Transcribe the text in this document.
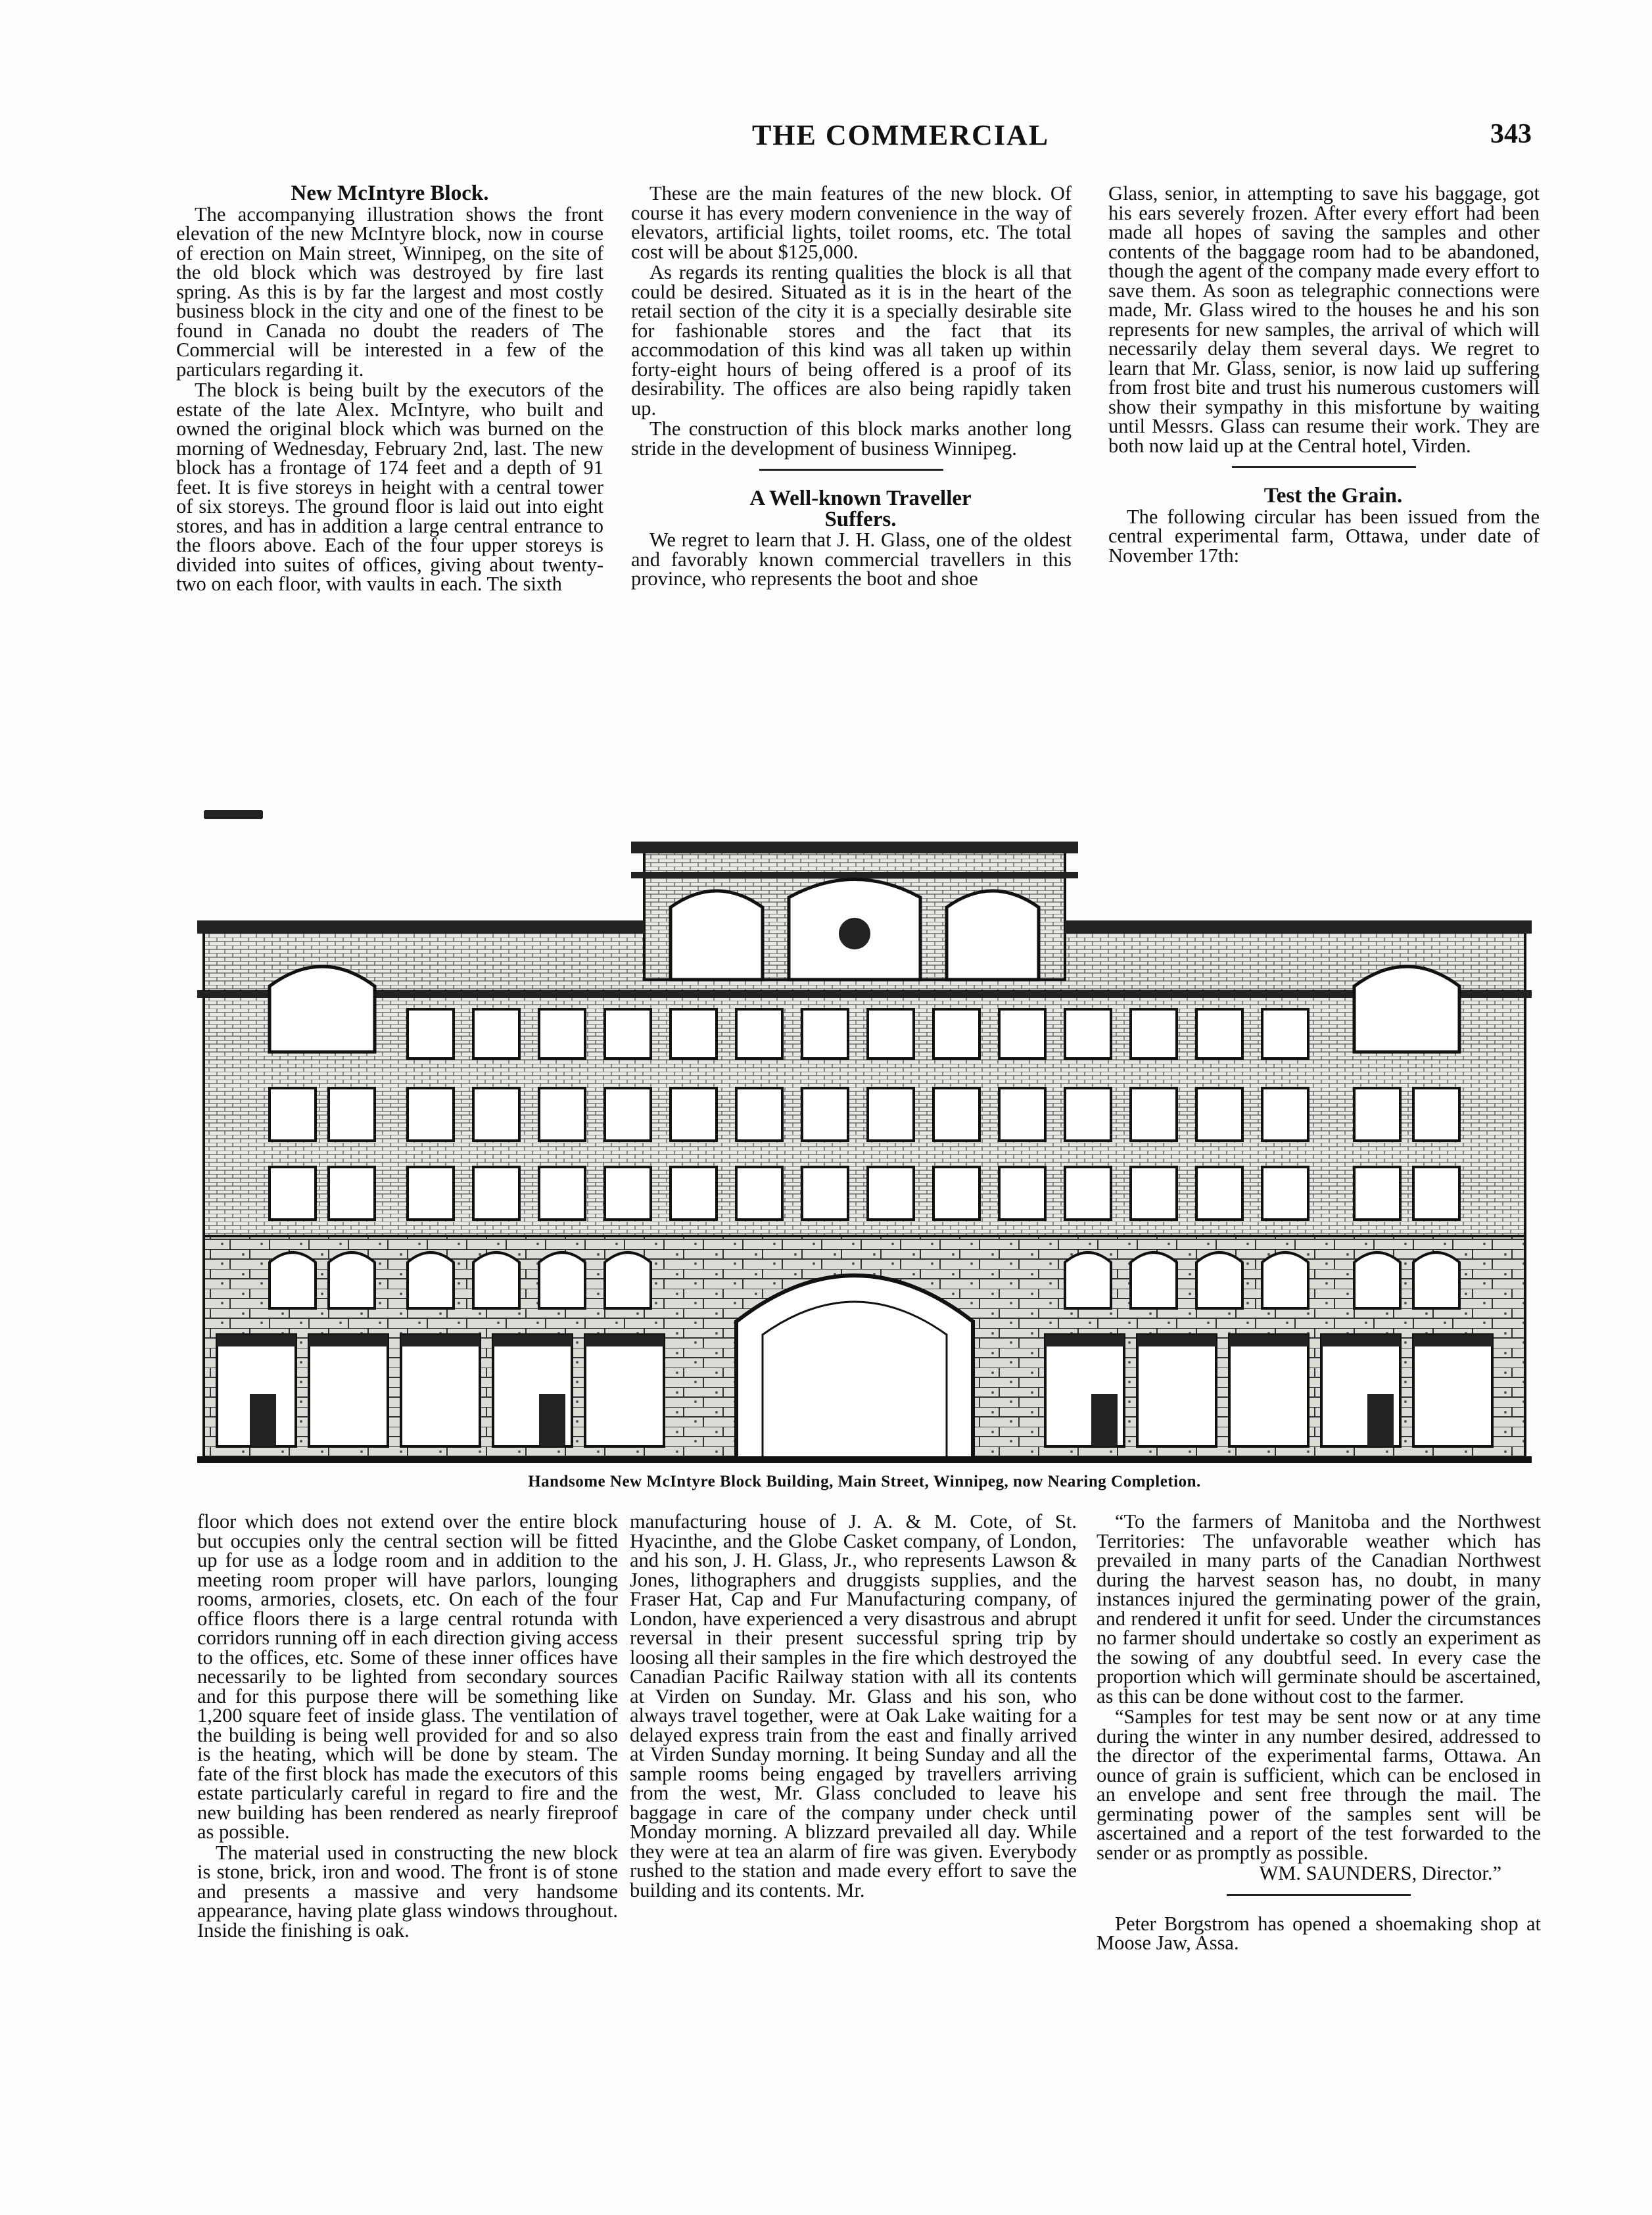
THE COMMERCIAL	343

New McIntyre Block.

The accompanying illustration shows the front elevation of the new McIntyre block, now in course of erection on Main street, Winnipeg, on the site of the old block which was destroyed by fire last spring. As this is by far the largest and most costly business block in the city and one of the finest to be found in Canada no doubt the readers of The Commercial will be interested in a few of the particulars regarding it.

The block is being built by the executors of the estate of the late Alex. McIntyre, who built and owned the original block which was burned on the morning of Wednesday, February 2nd, last. The new block has a frontage of 174 feet and a depth of 91 feet. It is five storeys in height with a central tower of six storeys. The ground floor is laid out into eight stores, and has in addition a large central entrance to the floors above. Each of the four upper storeys is divided into suites of offices, giving about twenty-two on each floor, with vaults in each. The sixth

These are the main features of the new block. Of course it has every modern convenience in the way of elevators, artificial lights, toilet rooms, etc. The total cost will be about $125,000.

As regards its renting qualities the block is all that could be desired. Situated as it is in the heart of the retail section of the city it is a specially desirable site for fashionable stores and the fact that its accommodation of this kind was all taken up within forty-eight hours of being offered is a proof of its desirability. The offices are also being rapidly taken up.

The construction of this block marks another long stride in the development of business Winnipeg.

A Well-known Traveller

Suffers.

We regret to learn that J. H. Glass, one of the oldest and favorably known commercial travellers in this province, who represents the boot and shoe

Glass, senior, in attempting to save his baggage, got his ears severely frozen. After every effort had been made all hopes of saving the samples and other contents of the baggage room had to be abandoned, though the agent of the company made every effort to save them. As soon as telegraphic connections were made, Mr. Glass wired to the houses he and his son represents for new samples, the arrival of which will necessarily delay them several days. We regret to learn that Mr. Glass, senior, is now laid up suffering from frost bite and trust his numerous customers will show their sympathy in this misfortune by waiting until Messrs. Glass can resume their work. They are both now laid up at the Central hotel, Virden.

Test the Grain.

The following circular has been issued from the central experimental farm, Ottawa, under date of November 17th:

Handsome New McIntyre Block Building, Main Street, Winnipeg, now Nearing Completion.

floor which does not extend over the entire block but occupies only the central section will be fitted up for use as a lodge room and in addition to the meeting room proper will have parlors, lounging rooms, armories, closets, etc. On each of the four office floors there is a large central rotunda with corridors running off in each direction giving access to the offices, etc. Some of these inner offices have necessarily to be lighted from secondary sources and for this purpose there will be something like 1,200 square feet of inside glass. The ventilation of the building is being well provided for and so also is the heating, which will be done by steam. The fate of the first block has made the executors of this estate particularly careful in regard to fire and the new building has been rendered as nearly fireproof as possible.

The material used in constructing the new block is stone, brick, iron and wood. The front is of stone and presents a massive and very handsome appearance, having plate glass windows throughout. Inside the finishing is oak.

manufacturing house of J. A. & M. Cote, of St. Hyacinthe, and the Globe Casket company, of London, and his son, J. H. Glass, Jr., who represents Lawson & Jones, lithographers and druggists supplies, and the Fraser Hat, Cap and Fur Manufacturing company, of London, have experienced a very disastrous and abrupt reversal in their present successful spring trip by loosing all their samples in the fire which destroyed the Canadian Pacific Railway station with all its contents at Virden on Sunday. Mr. Glass and his son, who always travel together, were at Oak Lake waiting for a delayed express train from the east and finally arrived at Virden Sunday morning. It being Sunday and all the sample rooms being engaged by travellers arriving from the west, Mr. Glass concluded to leave his baggage in care of the company under check until Monday morning. A blizzard prevailed all day. While they were at tea an alarm of fire was given. Everybody rushed to the station and made every effort to save the building and its contents. Mr.

“To the farmers of Manitoba and the Northwest Territories: The unfavorable weather which has prevailed in many parts of the Canadian Northwest during the harvest season has, no doubt, in many instances injured the germinating power of the grain, and rendered it unfit for seed. Under the circumstances no farmer should undertake so costly an experiment as the sowing of any doubtful seed. In every case the proportion which will germinate should be ascertained, as this can be done without cost to the farmer.

“Samples for test may be sent now or at any time during the winter in any number desired, addressed to the director of the experimental farms, Ottawa. An ounce of grain is sufficient, which can be enclosed in an envelope and sent free through the mail. The germinating power of the samples sent will be ascertained and a report of the test forwarded to the sender or as promptly as possible.

WM. SAUNDERS, Director.”

Peter Borgstrom has opened a shoemaking shop at Moose Jaw, Assa.
